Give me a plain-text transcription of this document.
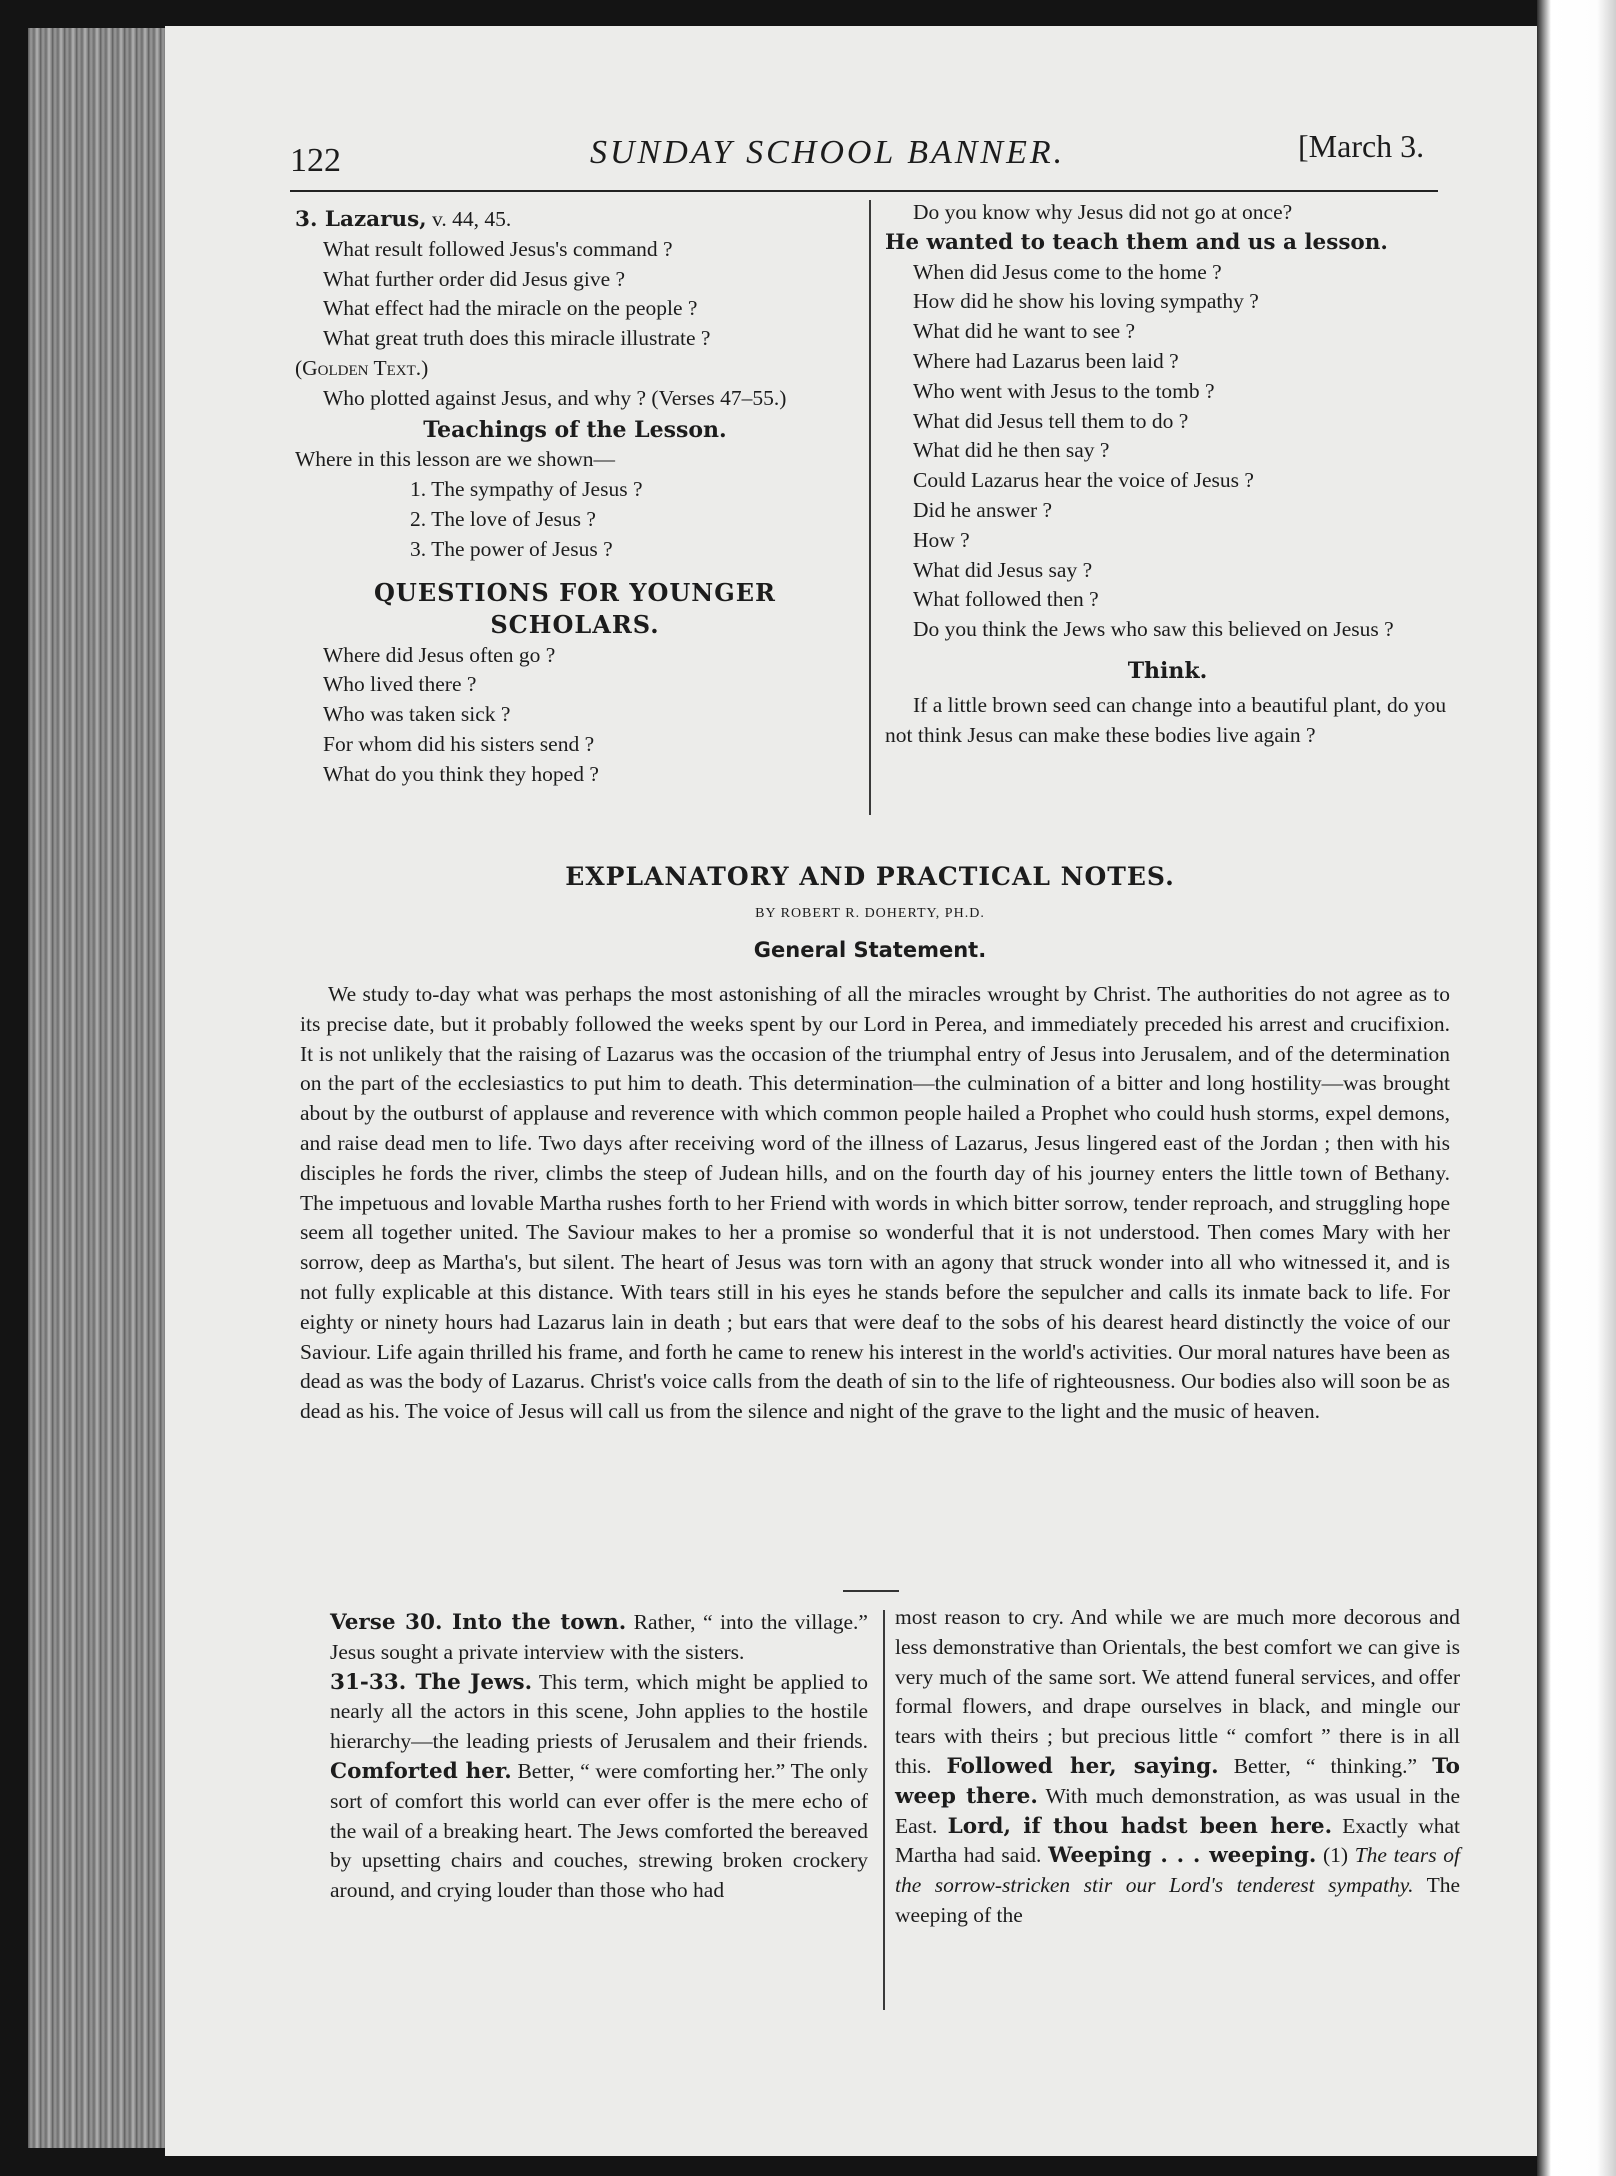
122	SUNDAY SCHOOL BANNER.	[March 3.

3. Lazarus, v. 44, 45.

What result followed Jesus's command ?

What further order did Jesus give ?

What effect had the miracle on the people ?

What great truth does this miracle illustrate ?

(Golden Text.)

Who plotted against Jesus, and why ? (Verses 47–55.)

Teachings of the Lesson.

Where in this lesson are we shown—

1. The sympathy of Jesus ?

2. The love of Jesus ?

3. The power of Jesus ?

QUESTIONS FOR YOUNGER SCHOLARS.

Where did Jesus often go ?

Who lived there ?

Who was taken sick ?

For whom did his sisters send ?

What do you think they hoped ?

Do you know why Jesus did not go at once?

He wanted to teach them and us a lesson.

When did Jesus come to the home ?

How did he show his loving sympathy ?

What did he want to see ?

Where had Lazarus been laid ?

Who went with Jesus to the tomb ?

What did Jesus tell them to do ?

What did he then say ?

Could Lazarus hear the voice of Jesus ?

Did he answer ?

How ?

What did Jesus say ?

What followed then ?

Do you think the Jews who saw this believed on Jesus ?

Think.

If a little brown seed can change into a beautiful plant, do you not think Jesus can make these bodies live again ?

EXPLANATORY AND PRACTICAL NOTES.
BY ROBERT R. DOHERTY, PH.D.
General Statement.
We study to-day what was perhaps the most astonishing of all the miracles wrought by Christ. The authorities do not agree as to its precise date, but it probably followed the weeks spent by our Lord in Perea, and immediately preceded his arrest and crucifixion. It is not unlikely that the raising of Lazarus was the occasion of the triumphal entry of Jesus into Jerusalem, and of the determination on the part of the ecclesiastics to put him to death. This determination—the culmination of a bitter and long hostility—was brought about by the outburst of applause and reverence with which common people hailed a Prophet who could hush storms, expel demons, and raise dead men to life. Two days after receiving word of the illness of Lazarus, Jesus lingered east of the Jordan ; then with his disciples he fords the river, climbs the steep of Judean hills, and on the fourth day of his journey enters the little town of Bethany. The impetuous and lovable Martha rushes forth to her Friend with words in which bitter sorrow, tender reproach, and struggling hope seem all together united. The Saviour makes to her a promise so wonderful that it is not understood. Then comes Mary with her sorrow, deep as Martha's, but silent. The heart of Jesus was torn with an agony that struck wonder into all who witnessed it, and is not fully explicable at this distance. With tears still in his eyes he stands before the sepulcher and calls its inmate back to life. For eighty or ninety hours had Lazarus lain in death ; but ears that were deaf to the sobs of his dearest heard distinctly the voice of our Saviour. Life again thrilled his frame, and forth he came to renew his interest in the world's activities. Our moral natures have been as dead as was the body of Lazarus. Christ's voice calls from the death of sin to the life of righteousness. Our bodies also will soon be as dead as his. The voice of Jesus will call us from the silence and night of the grave to the light and the music of heaven.

Verse 30. Into the town. Rather, “ into the village.” Jesus sought a private interview with the sisters.

31-33. The Jews. This term, which might be applied to nearly all the actors in this scene, John applies to the hostile hierarchy—the leading priests of Jerusalem and their friends. Comforted her. Better, “ were comforting her.” The only sort of comfort this world can ever offer is the mere echo of the wail of a breaking heart. The Jews comforted the bereaved by upsetting chairs and couches, strewing broken crockery around, and crying louder than those who had

most reason to cry. And while we are much more decorous and less demonstrative than Orientals, the best comfort we can give is very much of the same sort. We attend funeral services, and offer formal flowers, and drape ourselves in black, and mingle our tears with theirs ; but precious little “ comfort ” there is in all this. Followed her, saying. Better, “ thinking.” To weep there. With much demonstration, as was usual in the East. Lord, if thou hadst been here. Exactly what Martha had said. Weeping . . . weeping. (1) The tears of the sorrow-stricken stir our Lord's tenderest sympathy. The weeping of the
